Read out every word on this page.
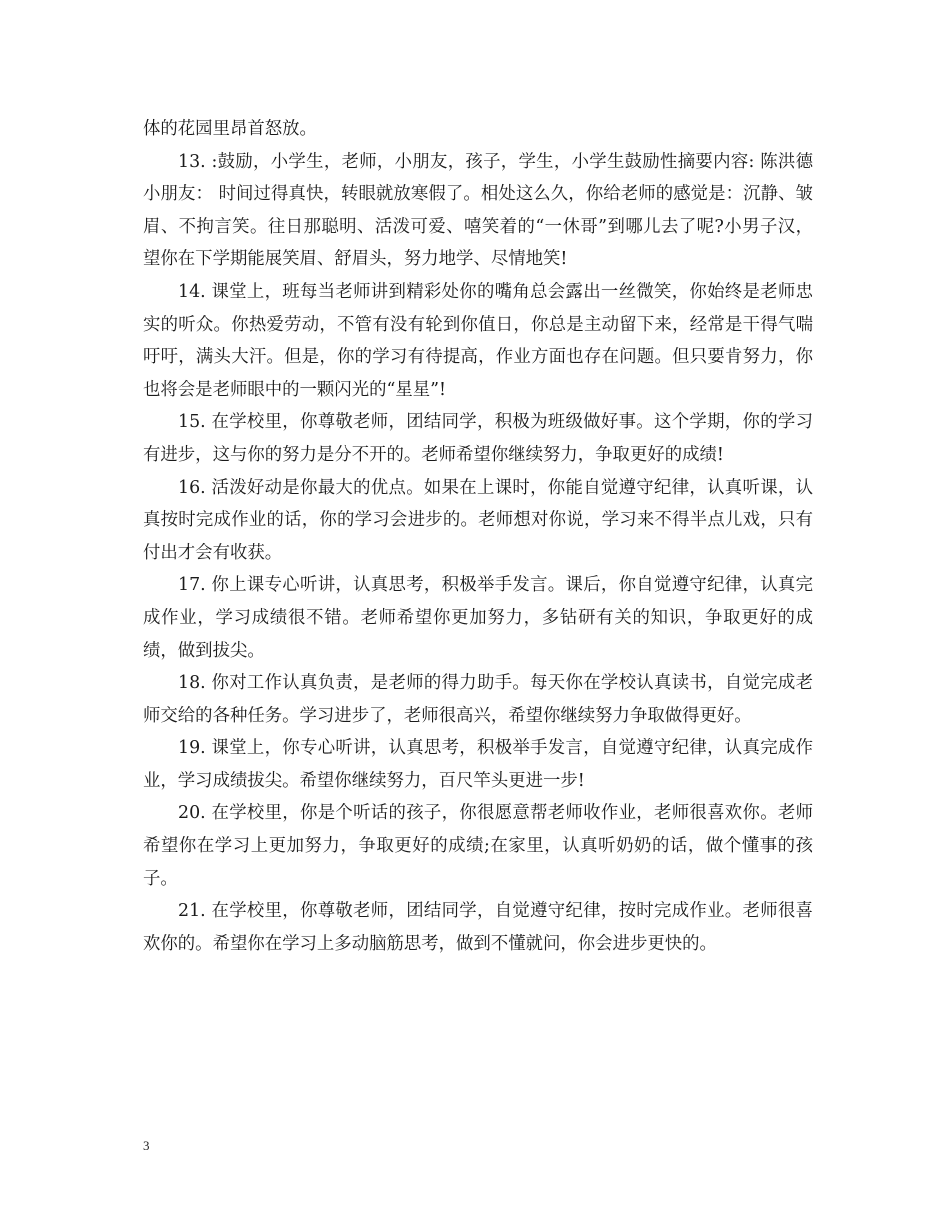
体的花园里昂首怒放。

13. :鼓励，小学生，老师，小朋友，孩子，学生，小学生鼓励性摘要内容: 陈洪德小朋友： 时间过得真快，转眼就放寒假了。相处这么久，你给老师的感觉是：沉静、皱眉、不拘言笑。往日那聪明、活泼可爱、嘻笑着的“一休哥”到哪儿去了呢?小男子汉，望你在下学期能展笑眉、舒眉头，努力地学、尽情地笑!

14. 课堂上，班每当老师讲到精彩处你的嘴角总会露出一丝微笑，你始终是老师忠实的听众。你热爱劳动，不管有没有轮到你值日，你总是主动留下来，经常是干得气喘吁吁，满头大汗。但是，你的学习有待提高，作业方面也存在问题。但只要肯努力，你也将会是老师眼中的一颗闪光的“星星”!

15. 在学校里，你尊敬老师，团结同学，积极为班级做好事。这个学期，你的学习有进步，这与你的努力是分不开的。老师希望你继续努力，争取更好的成绩!

16. 活泼好动是你最大的优点。如果在上课时，你能自觉遵守纪律，认真听课，认真按时完成作业的话，你的学习会进步的。老师想对你说，学习来不得半点儿戏，只有付出才会有收获。

17. 你上课专心听讲，认真思考，积极举手发言。课后，你自觉遵守纪律，认真完成作业，学习成绩很不错。老师希望你更加努力，多钻研有关的知识，争取更好的成绩，做到拔尖。

18. 你对工作认真负责，是老师的得力助手。每天你在学校认真读书，自觉完成老师交给的各种任务。学习进步了，老师很高兴，希望你继续努力争取做得更好。

19. 课堂上，你专心听讲，认真思考，积极举手发言，自觉遵守纪律，认真完成作业，学习成绩拔尖。希望你继续努力，百尺竿头更进一步!

20. 在学校里，你是个听话的孩子，你很愿意帮老师收作业，老师很喜欢你。老师希望你在学习上更加努力，争取更好的成绩;在家里，认真听奶奶的话，做个懂事的孩子。

21. 在学校里，你尊敬老师，团结同学，自觉遵守纪律，按时完成作业。老师很喜欢你的。希望你在学习上多动脑筋思考，做到不懂就问，你会进步更快的。

3
